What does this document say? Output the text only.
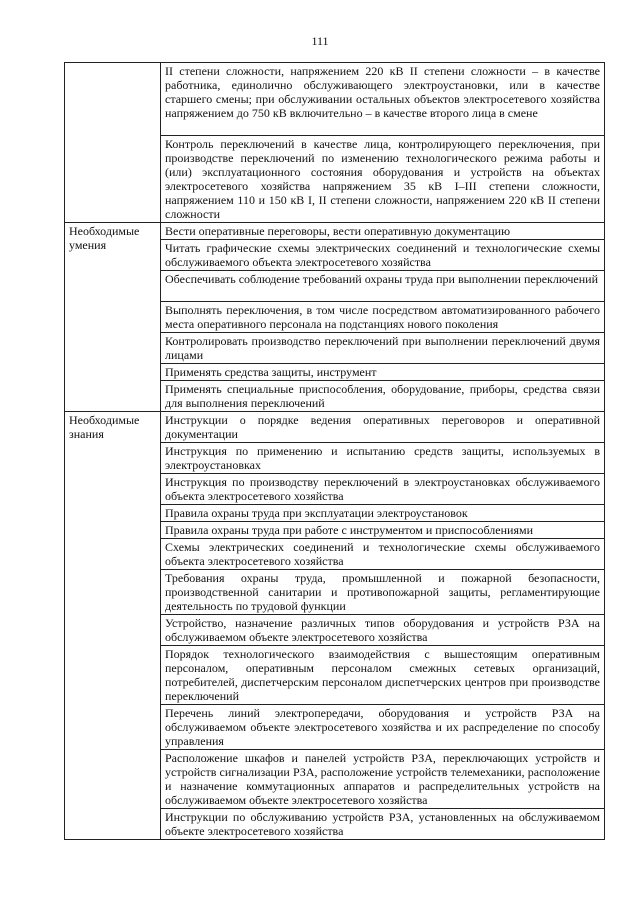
111
	II степени сложности, напряжением 220 кВ II степени сложности – в качестве работника, единолично обслуживающего электроустановки, или в качестве старшего смены; при обслуживании остальных объектов электросетевого хозяйства напряжением до 750 кВ включительно – в качестве второго лица в смене
	Контроль переключений в качестве лица, контролирующего переключения, при производстве переключений по изменению технологического режима работы и (или) эксплуатационного состояния оборудования и устройств на объектах электросетевого хозяйства напряжением 35 кВ I–III степени сложности, напряжением 110 и 150 кВ I, II степени сложности, напряжением 220 кВ II степени сложности
Необходимые умения	Вести оперативные переговоры, вести оперативную документацию
	Читать графические схемы электрических соединений и технологические схемы обслуживаемого объекта электросетевого хозяйства
	Обеспечивать соблюдение требований охраны труда при выполнении переключений
	Выполнять переключения, в том числе посредством автоматизированного рабочего места оперативного персонала на подстанциях нового поколения
	Контролировать производство переключений при выполнении переключений двумя лицами
	Применять средства защиты, инструмент
	Применять специальные приспособления, оборудование, приборы, средства связи для выполнения переключений
Необходимые знания	Инструкции о порядке ведения оперативных переговоров и оперативной документации
	Инструкция по применению и испытанию средств защиты, используемых в электроустановках
	Инструкция по производству переключений в электроустановках обслуживаемого объекта электросетевого хозяйства
	Правила охраны труда при эксплуатации электроустановок
	Правила охраны труда при работе с инструментом и приспособлениями
	Схемы электрических соединений и технологические схемы обслуживаемого объекта электросетевого хозяйства
	Требования охраны труда, промышленной и пожарной безопасности, производственной санитарии и противопожарной защиты, регламентирующие деятельность по трудовой функции
	Устройство, назначение различных типов оборудования и устройств РЗА на обслуживаемом объекте электросетевого хозяйства
	Порядок технологического взаимодействия с вышестоящим оперативным персоналом, оперативным персоналом смежных сетевых организаций, потребителей, диспетчерским персоналом диспетчерских центров при производстве переключений
	Перечень линий электропередачи, оборудования и устройств РЗА на обслуживаемом объекте электросетевого хозяйства и их распределение по способу управления
	Расположение шкафов и панелей устройств РЗА, переключающих устройств и устройств сигнализации РЗА, расположение устройств телемеханики, расположение и назначение коммутационных аппаратов и распределительных устройств на обслуживаемом объекте электросетевого хозяйства
	Инструкции по обслуживанию устройств РЗА, установленных на обслуживаемом объекте электросетевого хозяйства
